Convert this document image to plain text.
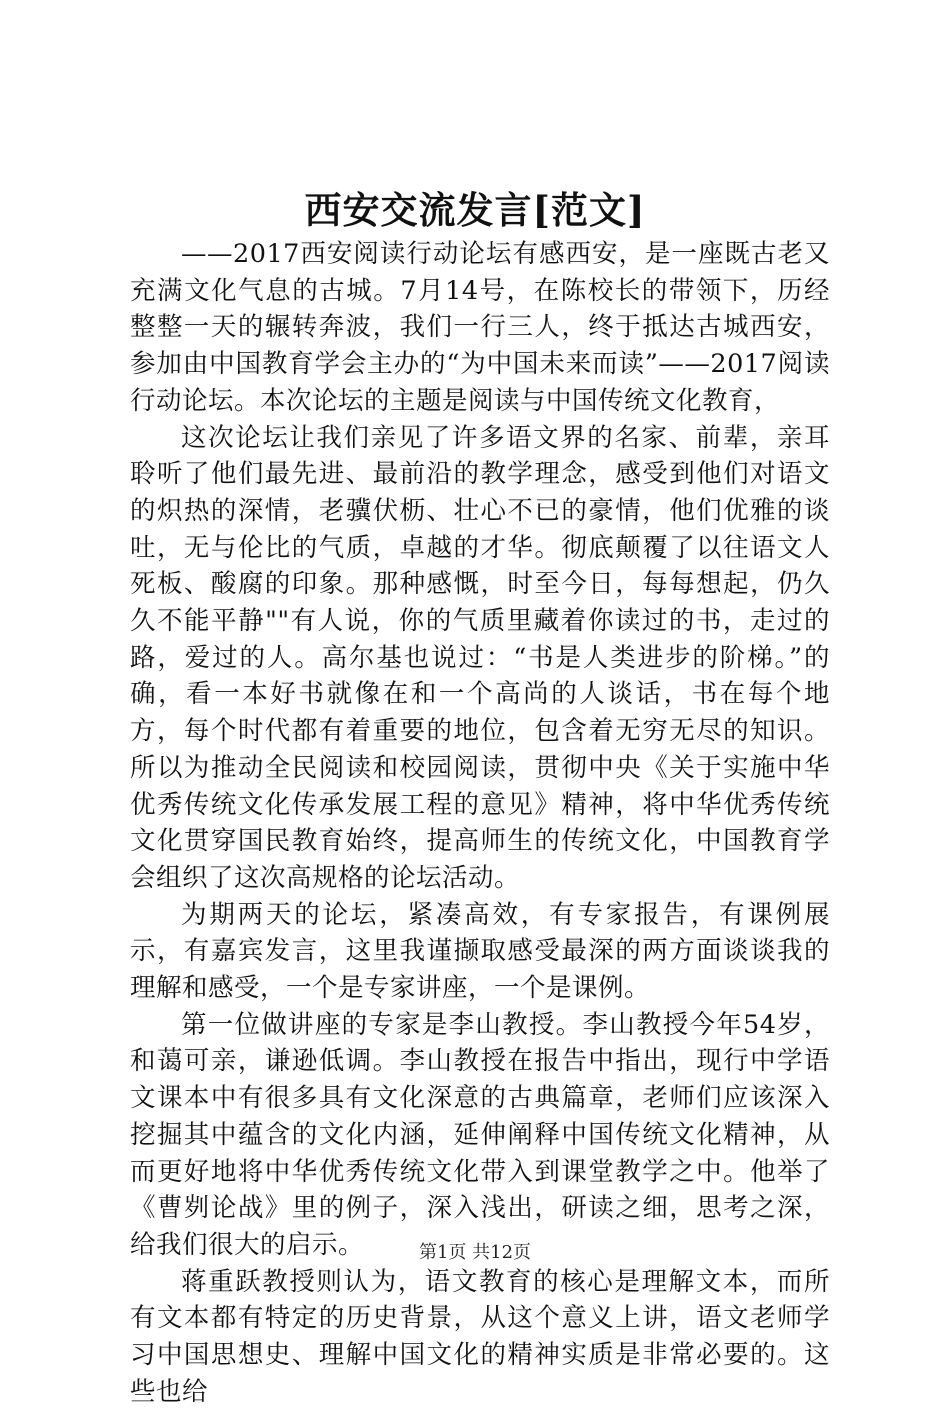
西安交流发言[范文]

——2017西安阅读行动论坛有感西安，是一座既古老又充满文化气息的古城。7月14号，在陈校长的带领下，历经整整一天的辗转奔波，我们一行三人，终于抵达古城西安，参加由中国教育学会主办的“为中国未来而读”——2017阅读行动论坛。本次论坛的主题是阅读与中国传统文化教育，

这次论坛让我们亲见了许多语文界的名家、前辈，亲耳聆听了他们最先进、最前沿的教学理念，感受到他们对语文的炽热的深情，老骥伏枥、壮心不已的豪情，他们优雅的谈吐，无与伦比的气质，卓越的才华。彻底颠覆了以往语文人死板、酸腐的印象。那种感慨，时至今日，每每想起，仍久久不能平静""有人说，你的气质里藏着你读过的书，走过的路，爱过的人。高尔基也说过：“书是人类进步的阶梯。”的确，看一本好书就像在和一个高尚的人谈话，书在每个地方，每个时代都有着重要的地位，包含着无穷无尽的知识。所以为推动全民阅读和校园阅读，贯彻中央《关于实施中华优秀传统文化传承发展工程的意见》精神，将中华优秀传统文化贯穿国民教育始终，提高师生的传统文化，中国教育学会组织了这次高规格的论坛活动。

为期两天的论坛，紧凑高效，有专家报告，有课例展示，有嘉宾发言，这里我谨撷取感受最深的两方面谈谈我的理解和感受，一个是专家讲座，一个是课例。

第一位做讲座的专家是李山教授。李山教授今年54岁，和蔼可亲，谦逊低调。李山教授在报告中指出，现行中学语文课本中有很多具有文化深意的古典篇章，老师们应该深入挖掘其中蕴含的文化内涵，延伸阐释中国传统文化精神，从而更好地将中华优秀传统文化带入到课堂教学之中。他举了《曹刿论战》里的例子，深入浅出，研读之细，思考之深，给我们很大的启示。

蒋重跃教授则认为，语文教育的核心是理解文本，而所有文本都有特定的历史背景，从这个意义上讲，语文老师学习中国思想史、理解中国文化的精神实质是非常必要的。这些也给

第1页 共12页
